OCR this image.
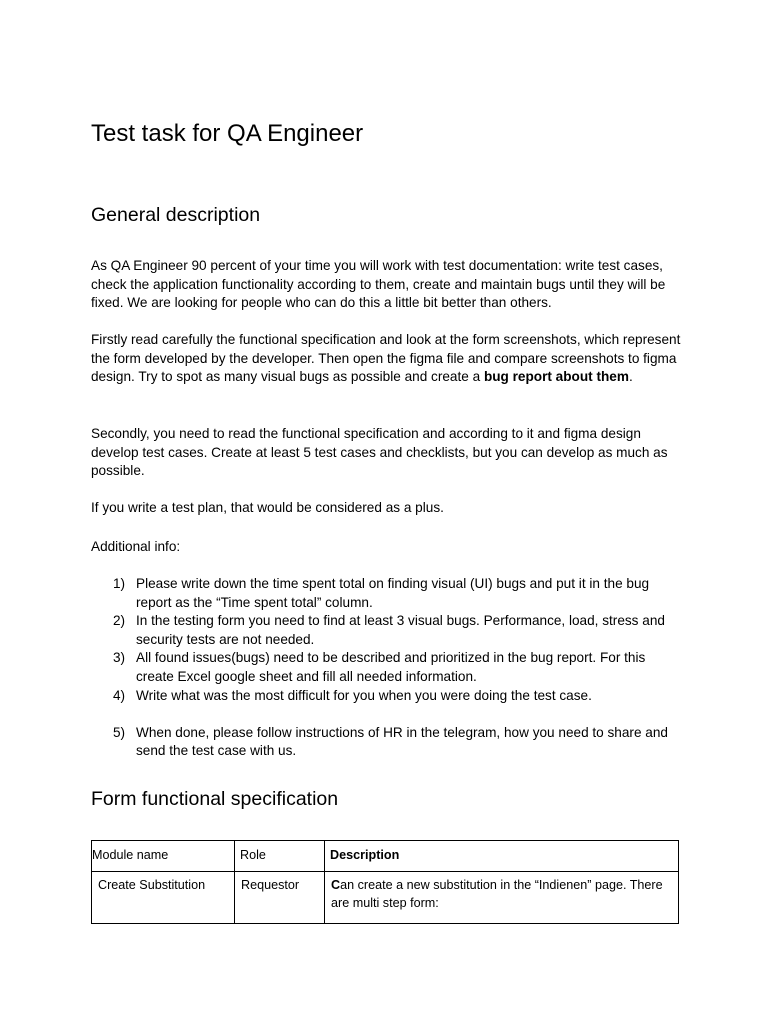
Test task for QA Engineer
General description

As QA Engineer 90 percent of your time you will work with test documentation: write test cases, check the application functionality according to them, create and maintain bugs until they will be fixed. We are looking for people who can do this a little bit better than others.

Firstly read carefully the functional specification and look at the form screenshots, which represent the form developed by the developer. Then open the figma file and compare screenshots to figma design. Try to spot as many visual bugs as possible and create a bug report about them.

Secondly, you need to read the functional specification and according to it and figma design develop test cases. Create at least 5 test cases and checklists, but you can develop as much as possible.

If you write a test plan, that would be considered as a plus.

Additional info:

1) Please write down the time spent total on finding visual (UI) bugs and put it in the bug report as the “Time spent total” column.
2) In the testing form you need to find at least 3 visual bugs. Performance, load, stress and security tests are not needed.
3) All found issues(bugs) need to be described and prioritized in the bug report. For this create Excel google sheet and fill all needed information.
4) Write what was the most difficult for you when you were doing the test case.
5) When done, please follow instructions of HR in the telegram, how you need to share and send the test case with us.
Form functional specification
Module name	Role	Description
Create Substitution	Requestor	Can create a new substitution in the “Indienen” page. There are multi step form:
